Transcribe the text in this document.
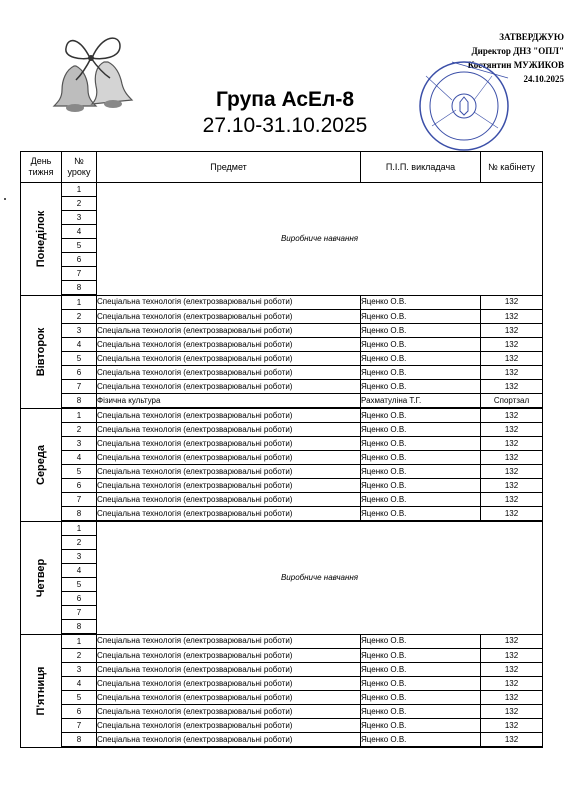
Група АсЕл-8
27.10-31.10.2025
ЗАТВЕРДЖУЮ
Директор ДНЗ "ОПЛ"
Костянтин МУЖИКОВ
24.10.2025
День тижня	№ уроку	Предмет	П.І.П. викладача	№ кабінету

Понеділок	1	Виробниче навчання		
	2			
	3			
	4			
	5			
	6			
	7			
	8			

Вівторок	1	Спеціальна технологія (електрозварювальні роботи)	Яценко О.В.	132
	2	Спеціальна технологія (електрозварювальні роботи)	Яценко О.В.	132
	3	Спеціальна технологія (електрозварювальні роботи)	Яценко О.В.	132
	4	Спеціальна технологія (електрозварювальні роботи)	Яценко О.В.	132
	5	Спеціальна технологія (електрозварювальні роботи)	Яценко О.В.	132
	6	Спеціальна технологія (електрозварювальні роботи)	Яценко О.В.	132
	7	Спеціальна технологія (електрозварювальні роботи)	Яценко О.В.	132
	8	Фізична культура	Рахматуліна Т.Г.	Спортзал

Середа	1	Спеціальна технологія (електрозварювальні роботи)	Яценко О.В.	132
	2	Спеціальна технологія (електрозварювальні роботи)	Яценко О.В.	132
	3	Спеціальна технологія (електрозварювальні роботи)	Яценко О.В.	132
	4	Спеціальна технологія (електрозварювальні роботи)	Яценко О.В.	132
	5	Спеціальна технологія (електрозварювальні роботи)	Яценко О.В.	132
	6	Спеціальна технологія (електрозварювальні роботи)	Яценко О.В.	132
	7	Спеціальна технологія (електрозварювальні роботи)	Яценко О.В.	132
	8	Спеціальна технологія (електрозварювальні роботи)	Яценко О.В.	132

Четвер	1	Виробниче навчання		
	2			
	3			
	4			
	5			
	6			
	7			
	8			

П'ятниця	1	Спеціальна технологія (електрозварювальні роботи)	Яценко О.В.	132
	2	Спеціальна технологія (електрозварювальні роботи)	Яценко О.В.	132
	3	Спеціальна технологія (електрозварювальні роботи)	Яценко О.В.	132
	4	Спеціальна технологія (електрозварювальні роботи)	Яценко О.В.	132
	5	Спеціальна технологія (електрозварювальні роботи)	Яценко О.В.	132
	6	Спеціальна технологія (електрозварювальні роботи)	Яценко О.В.	132
	7	Спеціальна технологія (електрозварювальні роботи)	Яценко О.В.	132
	8	Спеціальна технологія (електрозварювальні роботи)	Яценко О.В.	132
